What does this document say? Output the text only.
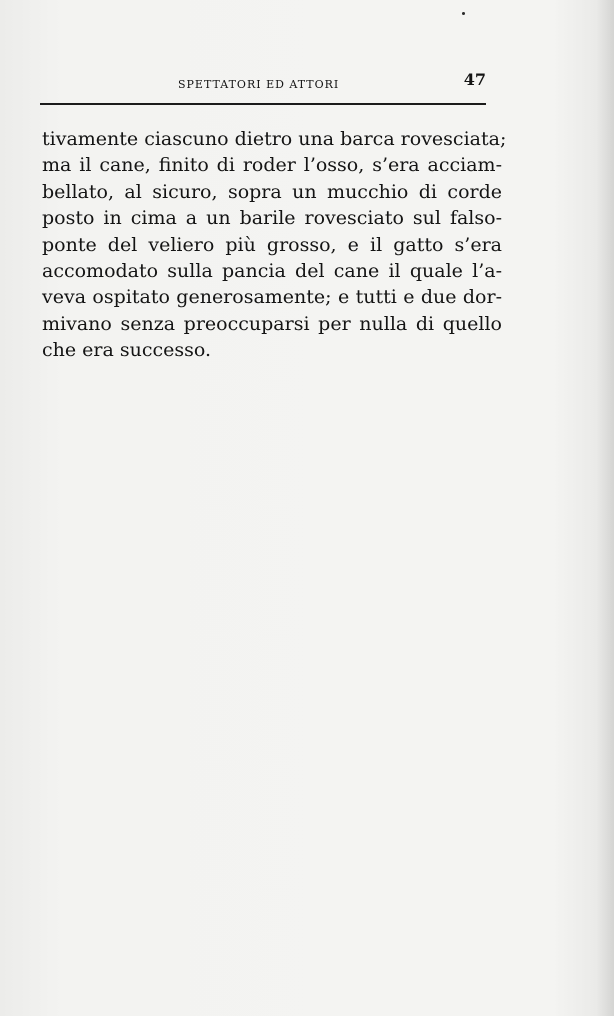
SPETTATORI ED ATTORI	47

tivamente ciascuno dietro una barca rovesciata;
ma il cane, finito di roder l’osso, s’era acciam-
bellato, al sicuro, sopra un mucchio di corde
posto in cima a un barile rovesciato sul falso-
ponte del veliero più grosso, e il gatto s’era
accomodato sulla pancia del cane il quale l’a-
veva ospitato generosamente; e tutti e due dor-
mivano senza preoccuparsi per nulla di quello
che era successo.
